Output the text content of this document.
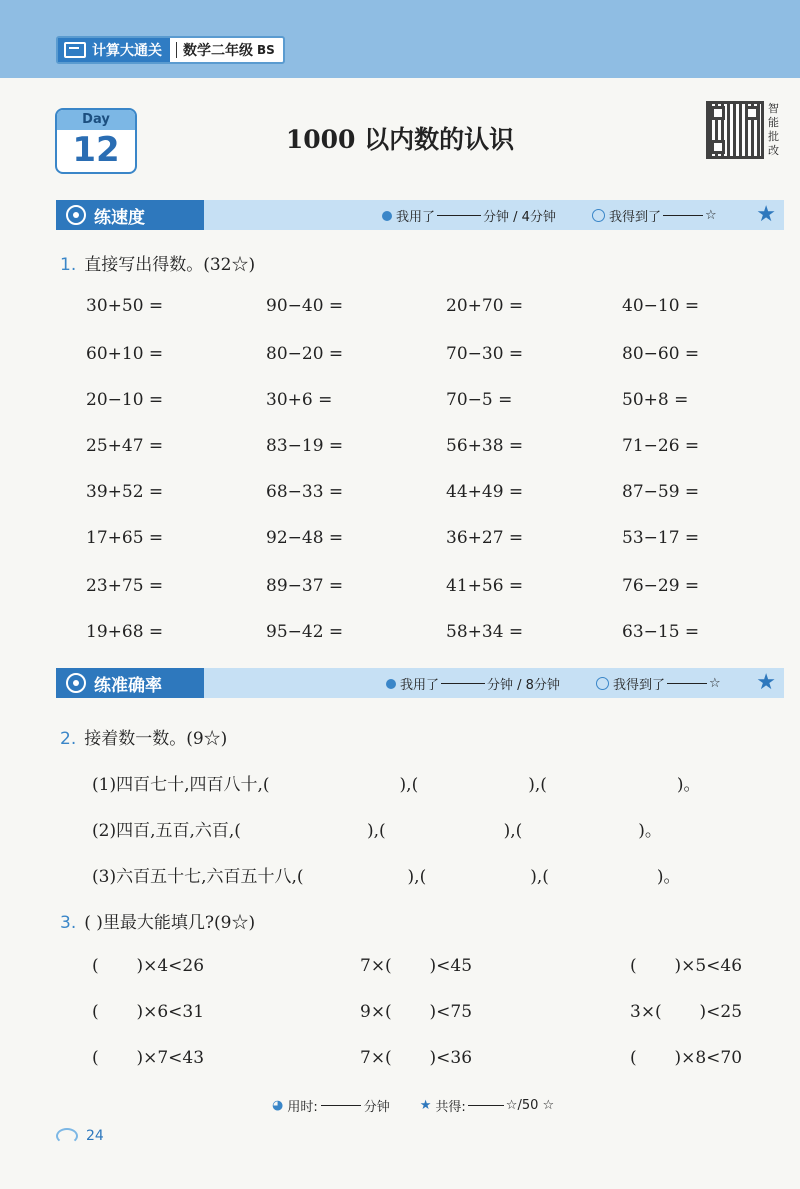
计算大通关 数学二年级 BS
Day
12	1000 以内数的认识
智
能
批
改
练速度	我用了	分钟 / 4分钟	我得到了	☆ ★
1. 直接写出得数。(32☆)
30+50 =	90−40 =	20+70 =	40−10 =
60+10 =	80−20 =	70−30 =	80−60 =
20−10 =	30+6 =	70−5 =	50+8 =
25+47 =	83−19 =	56+38 =	71−26 =
39+52 =	68−33 =	44+49 =	87−59 =
17+65 =	92−48 =	36+27 =	53−17 =
23+75 =	89−37 =	41+56 =	76−29 =
19+68 =	95−42 =	58+34 =	63−15 =
练准确率	我用了	分钟 / 8分钟	我得到了	☆ ★
2. 接着数一数。(9☆)
(1)四百七十,四百八十,(	),(	),(	)。
(2)四百,五百,六百,(	),(	),(	)。
(3)六百五十七,六百五十八,(	),(	),(	)。
3. ( )里最大能填几?(9☆)
(       )×4<26	7×(       )<45	(       )×5<46
(       )×6<31	9×(       )<75	3×(       )<25
(       )×7<43	7×(       )<36	(       )×8<70
◕ 用时:	分钟 ★ 共得:	☆/50 ☆
24
